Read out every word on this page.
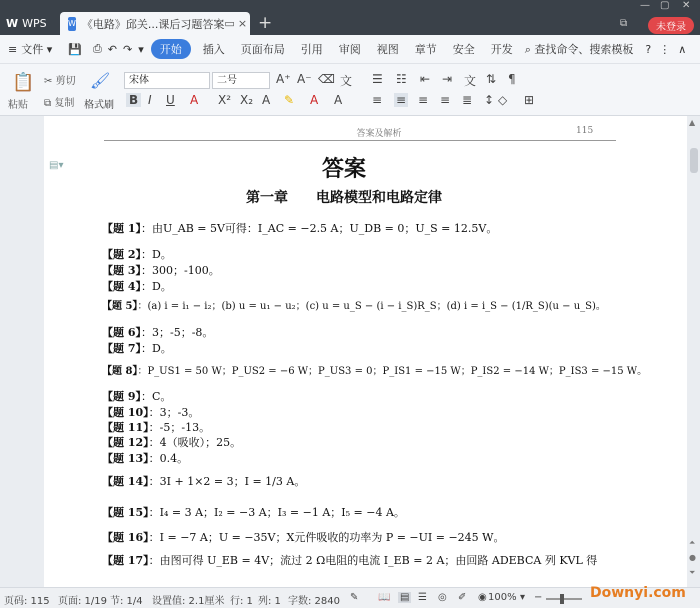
W WPS	W 《电路》邱关...课后习题答案 ▭ × +
— ▢ ✕
⧉	未登录
≡ 文件 ▾	💾	⎙ ↶ ↷ ▾	开始	插入	页面布局	引用	审阅	视图	章节	安全	开发	⌕ 查找命令、搜索模板	? ⋮ ∧
📋
粘贴
✂ 剪切
⧉ 复制
🖌
格式刷
宋体	二号	A⁺ A⁻ ⌫ 文
B I U A X² X₂ A ✎ A A
☰ ☷ ⇤ ⇥ 文 ⇅ ¶
≡ ≡ ≡ ≡ ≣ ↕ ◇ ⊞
答案及解析	115
▤▾	答案
第一章　　电路模型和电路定律
【题 1】：由U_AB = 5V可得：I_AC = −2.5 A；U_DB = 0；U_S = 12.5V。
【题 2】：D。
【题 3】：300；-100。
【题 4】：D。
【题 5】：(a) i = i₁ − i₂；(b) u = u₁ − u₂；(c) u = u_S − (i − i_S)R_S；(d) i = i_S − (1/R_S)(u − u_S)。
【题 6】：3；-5；-8。
【题 7】：D。
【题 8】：P_US1 = 50 W；P_US2 = −6 W；P_US3 = 0；P_IS1 = −15 W；P_IS2 = −14 W；P_IS3 = −15 W。
【题 9】：C。
【题 10】：3；-3。
【题 11】：-5；-13。
【题 12】：4（吸收）；25。
【题 13】：0.4。
【题 14】：3I + 1×2 = 3；I = 1/3 A。
【题 15】：I₄ = 3 A；I₂ = −3 A；I₃ = −1 A；I₅ = −4 A。
【题 16】：I = −7 A；U = −35V；X元件吸收的功率为 P = −UI = −245 W。
【题 17】：由图可得 U_EB = 4V；流过 2 Ω电阻的电流 I_EB = 2 A；由回路 ADEBCA 列 KVL 得
▲
⏶
●
⏷
页码: 115 页面: 1/19 节: 1/4 设置值: 2.1厘米 行: 1 列: 1 字数: 2840 ✎ 📖 ▤ ☰ ◎ ✐ ◉ 100% ▾ −	Downyi.com
